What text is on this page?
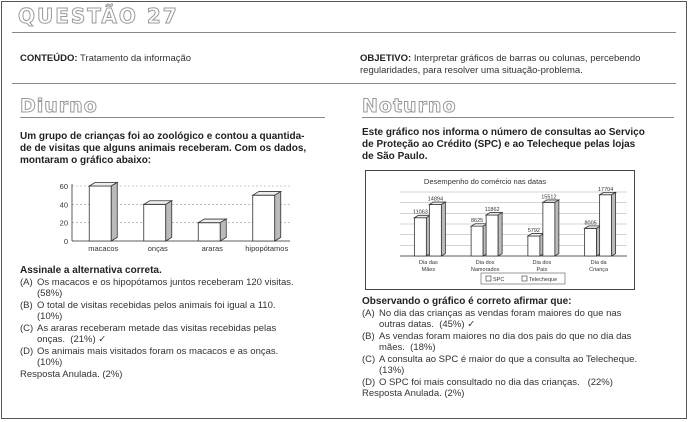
QUESTÃO 27
CONTEÚDO: Tratamento da informação	OBJETIVO: Interpretar gráficos de barras ou colunas, percebendo
regularidades, para resolver uma situação-problema.
Diurno
Um grupo de crianças foi ao zoológico e contou a quantida-
de de visitas que alguns animais receberam. Com os dados,
montaram o gráfico abaixo:
0
20
40
60
macacos	onças	araras	hipopótamos
Assinale a alternativa correta.
(A) Os macacos e os hipopótamos juntos receberam 120 visitas.
(58%)
(B) O total de visitas recebidas pelos animais foi igual a 110.
(10%)
(C) As araras receberam metade das visitas recebidas pelas
onças. (21%) ✓
(D) Os animais mais visitados foram os macacos e as onças.
(10%)
Resposta Anulada. (2%)
Noturno
Este gráfico nos informa o número de consultas ao Serviço
de Proteção ao Crédito (SPC) e ao Telecheque pelas lojas
de São Paulo.
Desempenho do comércio nas datas
11063
14894
Dia das
Mães
8625
11862
Dia dos
Namorados
5792
15512
Dia dos
Pais
8005
17704
Dia da
Criança
SPC	Telecheque
Observando o gráfico é correto afirmar que:
(A) No dia das crianças as vendas foram maiores do que nas
outras datas. (45%) ✓
(B) As vendas foram maiores no dia dos pais do que no dia das
mães. (18%)
(C) A consulta ao SPC é maior do que a consulta ao Telecheque.
(13%)
(D) O SPC foi mais consultado no dia das crianças.
(22%)
Resposta Anulada. (2%)
